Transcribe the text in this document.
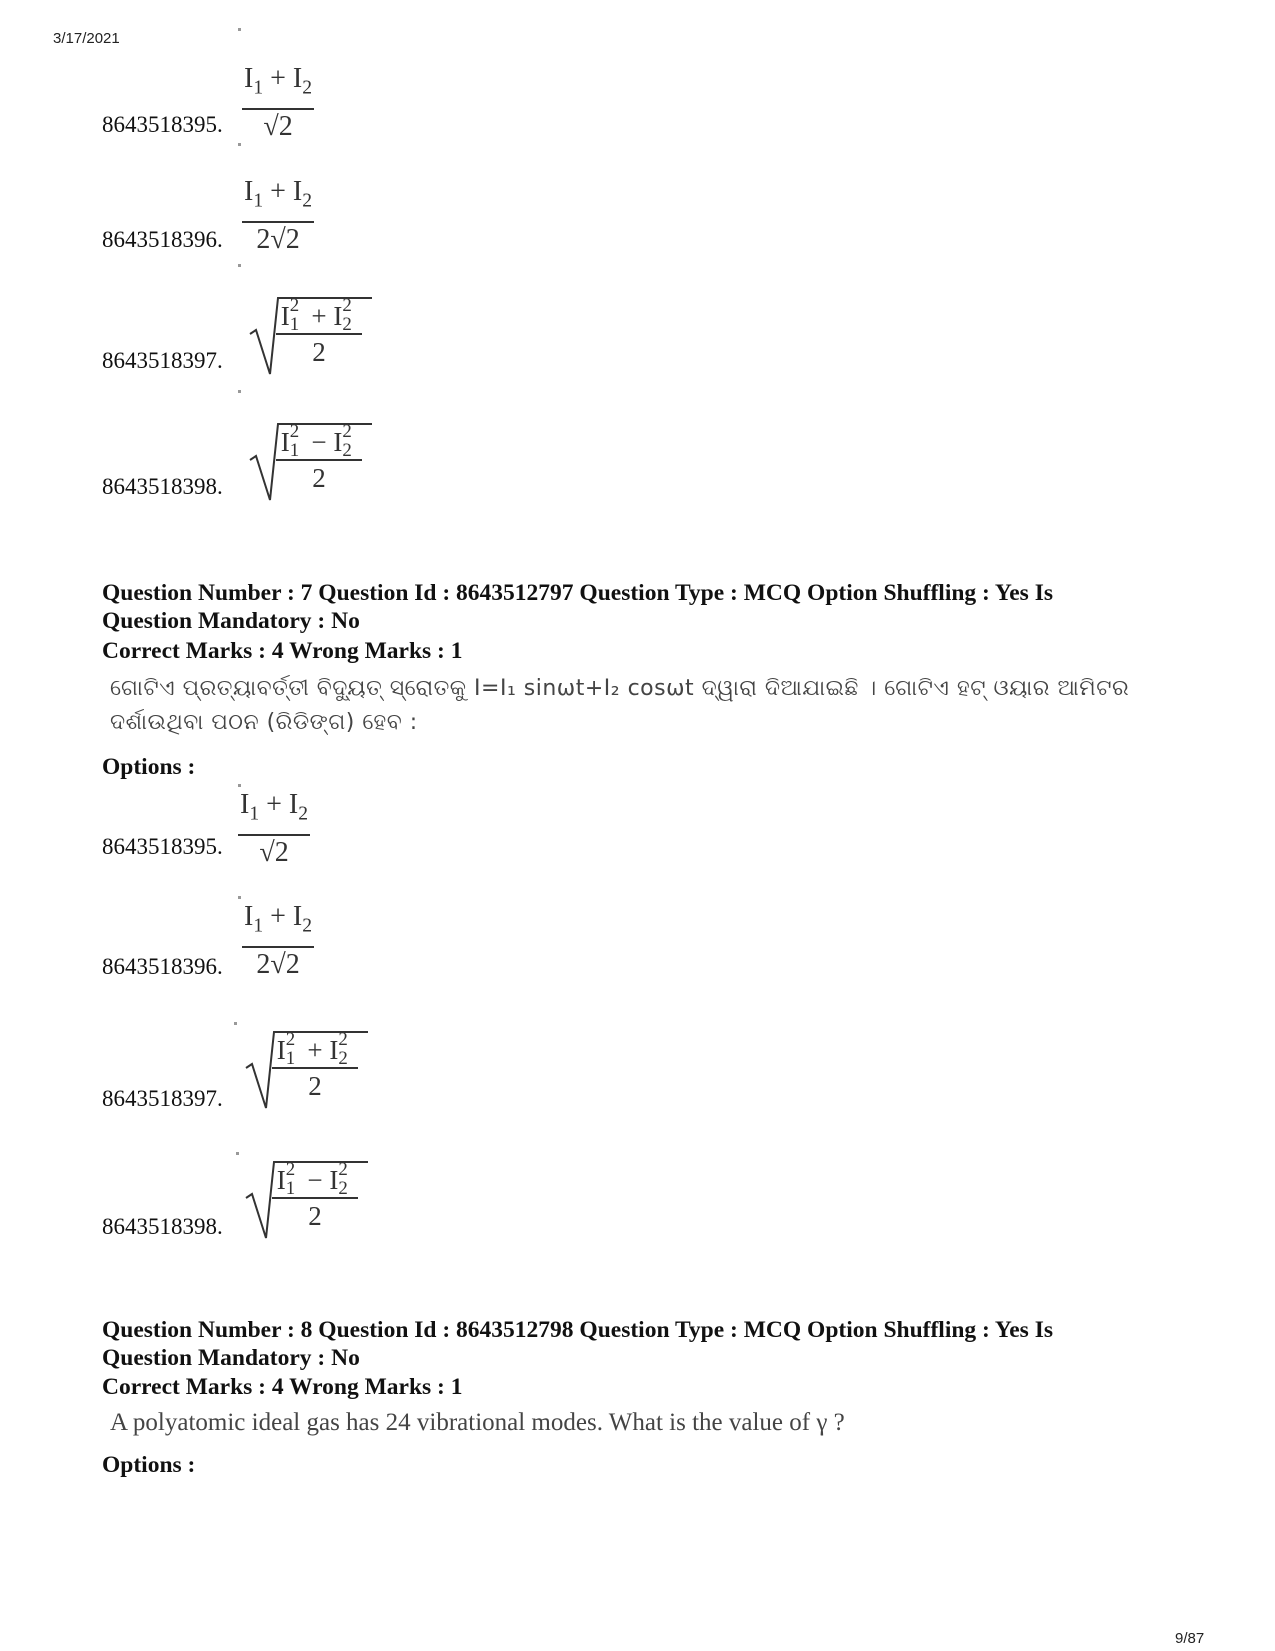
3/17/2021
8643518395. $\frac{I_1 + I_2}{√2}$
8643518396. $\frac{I_1 + I_2}{2√2}$
8643518397.
I 2
1 + I 2
2
2
8643518398.
I 2
1 − I 2
2
2
Question Number : 7 Question Id : 8643512797 Question Type : MCQ Option Shuffling : Yes Is
Question Mandatory : No
Correct Marks : 4 Wrong Marks : 1
ଗୋଟିଏ ପ୍ରତ୍ୟାବର୍ତ୍ତୀ ବିଦ୍ୟୁତ୍ ସ୍ରୋତକୁ I=I₁ sinωt+I₂ cosωt ଦ୍ୱାରା ଦିଆଯାଇଛି । ଗୋଟିଏ ହଟ୍ ଓୟାର ଆମିଟର
ଦର୍ଶାଉଥିବା ପଠନ (ରିଡିଙ୍ଗ) ହେବ :
Options :
8643518395. $\frac{I_1 + I_2}{√2}$
8643518396. $\frac{I_1 + I_2}{2√2}$
8643518397.
I 2
1 + I 2
2
2
8643518398.
I 2
1 − I 2
2
2
Question Number : 8 Question Id : 8643512798 Question Type : MCQ Option Shuffling : Yes Is
Question Mandatory : No
Correct Marks : 4 Wrong Marks : 1
A polyatomic ideal gas has 24 vibrational modes. What is the value of γ ?
Options :
9/87
